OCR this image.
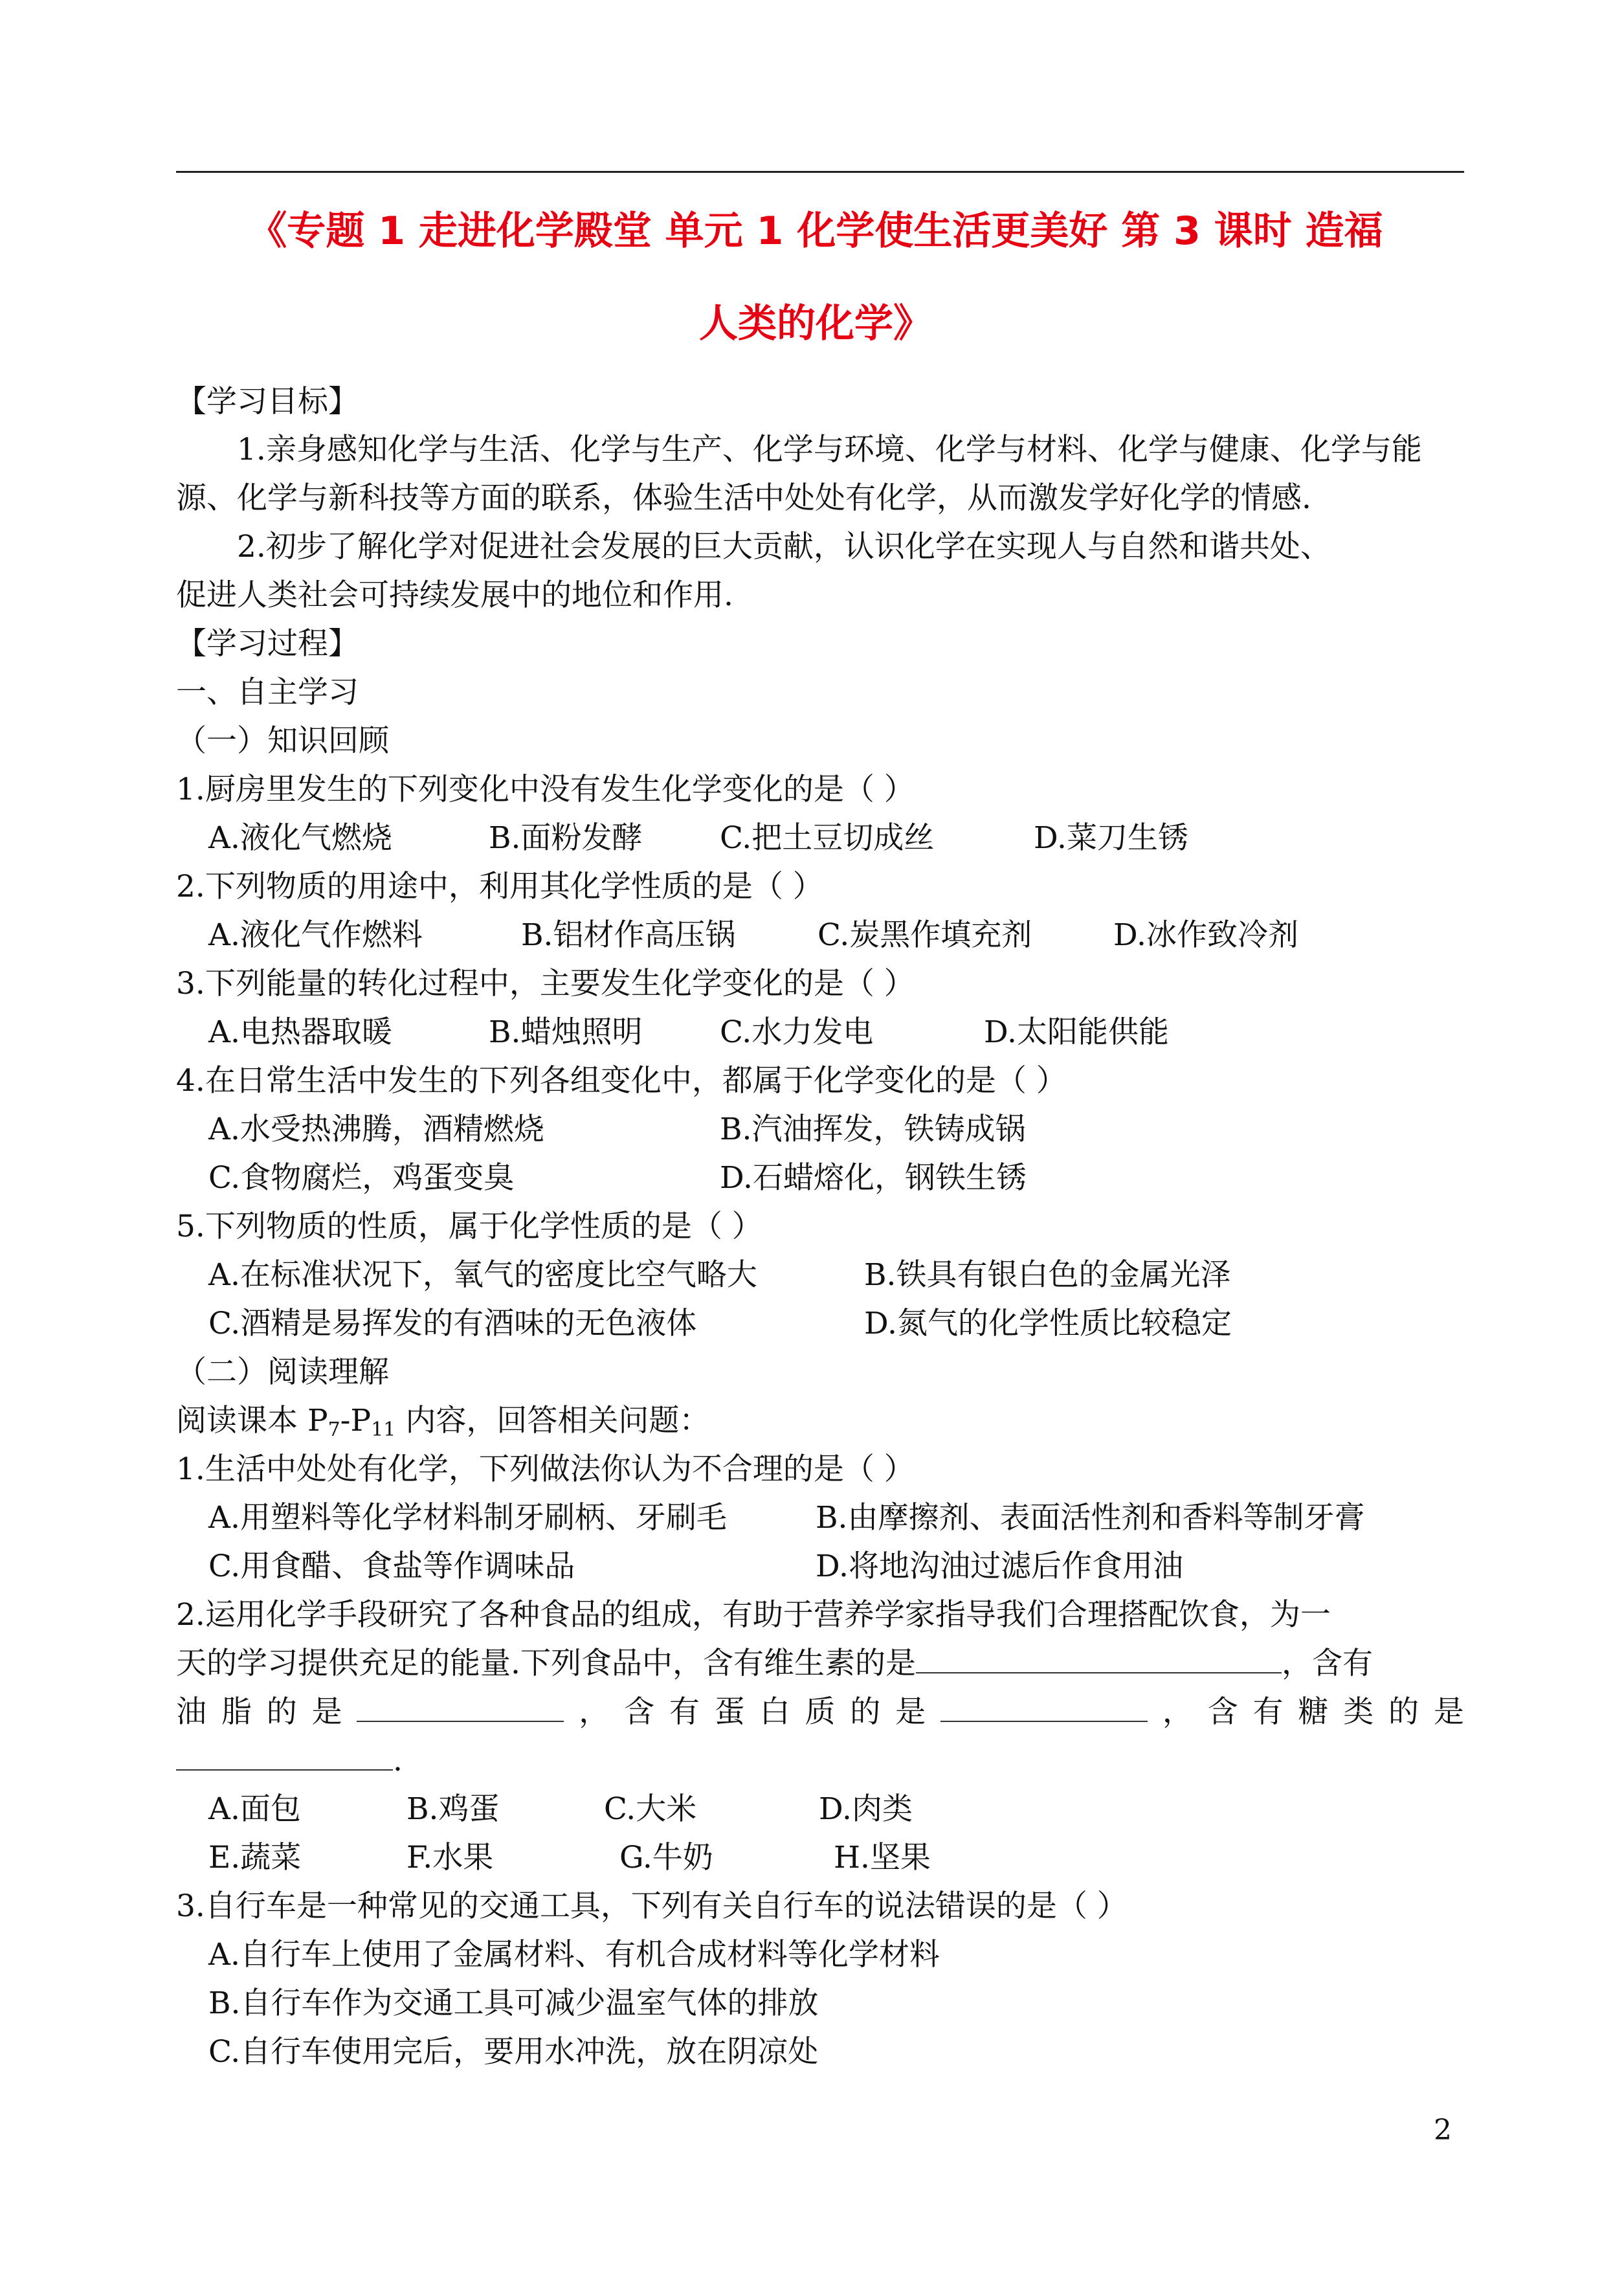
《专题 1 走进化学殿堂 单元 1 化学使生活更美好 第 3 课时 造福
人类的化学》
【学习目标】
1.亲身感知化学与生活、化学与生产、化学与环境、化学与材料、化学与健康、化学与能
源、化学与新科技等方面的联系，体验生活中处处有化学，从而激发学好化学的情感.
2.初步了解化学对促进社会发展的巨大贡献，认识化学在实现人与自然和谐共处、
促进人类社会可持续发展中的地位和作用.
【学习过程】
一、自主学习
（一）知识回顾
1.厨房里发生的下列变化中没有发生化学变化的是（ ）
A.液化气燃烧	B.面粉发酵	C.把土豆切成丝	D.菜刀生锈
2.下列物质的用途中，利用其化学性质的是（ ）
A.液化气作燃料	B.铝材作高压锅	C.炭黑作填充剂	D.冰作致冷剂
3.下列能量的转化过程中，主要发生化学变化的是（ ）
A.电热器取暖	B.蜡烛照明	C.水力发电	D.太阳能供能
4.在日常生活中发生的下列各组变化中，都属于化学变化的是（ ）
A.水受热沸腾，酒精燃烧	B.汽油挥发，铁铸成锅
C.食物腐烂，鸡蛋变臭	D.石蜡熔化，钢铁生锈
5.下列物质的性质，属于化学性质的是（ ）
A.在标准状况下，氧气的密度比空气略大	B.铁具有银白色的金属光泽
C.酒精是易挥发的有酒味的无色液体	D.氮气的化学性质比较稳定
（二）阅读理解
阅读课本 $P_7-P_{11}$ 内容，回答相关问题：
1.生活中处处有化学，下列做法你认为不合理的是（ ）
A.用塑料等化学材料制牙刷柄、牙刷毛	B.由摩擦剂、表面活性剂和香料等制牙膏
C.用食醋、食盐等作调味品	D.将地沟油过滤后作食用油
2.运用化学手段研究了各种食品的组成，有助于营养学家指导我们合理搭配饮食，为一
天的学习提供充足的能量.下列食品中，含有维生素的是	，含有
油 脂 的 是	， 含 有 蛋 白 质 的 是	， 含 有 糖 类 的 是
.
A.面包	B.鸡蛋	C.大米	D.肉类
E.蔬菜	F.水果	G.牛奶	H.坚果
3.自行车是一种常见的交通工具，下列有关自行车的说法错误的是（ ）
A.自行车上使用了金属材料、有机合成材料等化学材料
B.自行车作为交通工具可减少温室气体的排放
C.自行车使用完后，要用水冲洗，放在阴凉处
2
